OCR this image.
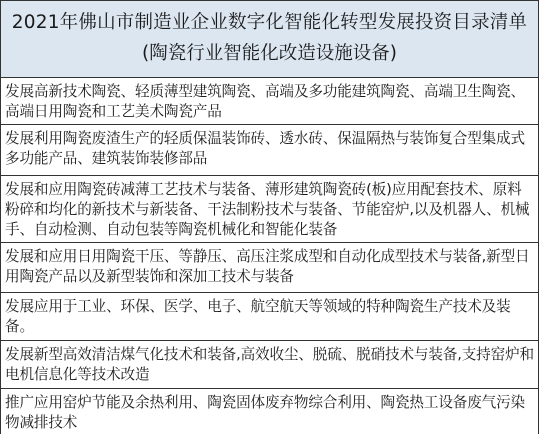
2021年佛山市制造业企业数字化智能化转型发展投资目录清单
(陶瓷行业智能化改造设施设备)
发展高新技术陶瓷、轻质薄型建筑陶瓷、高端及多功能建筑陶瓷、高端卫生陶瓷、高端日用陶瓷和工艺美术陶瓷产品
发展利用陶瓷废渣生产的轻质保温装饰砖、透水砖、保温隔热与装饰复合型集成式多功能产品、建筑装饰装修部品
发展和应用陶瓷砖减薄工艺技术与装备、薄形建筑陶瓷砖(板)应用配套技术、原料粉碎和均化的新技术与新装备、干法制粉技术与装备、节能窑炉,以及机器人、机械手、自动检测、自动包装等陶瓷机械化和智能化装备
发展和应用日用陶瓷干压、等静压、高压注浆成型和自动化成型技术与装备,新型日用陶瓷产品以及新型装饰和深加工技术与装备
发展应用于工业、环保、医学、电子、航空航天等领域的特种陶瓷生产技术及装备。
发展新型高效清洁煤气化技术和装备,高效收尘、脱硫、脱硝技术与装备,支持窑炉和电机信息化等技术改造
推广应用窑炉节能及余热利用、陶瓷固体废弃物综合利用、陶瓷热工设备废气污染物减排技术
